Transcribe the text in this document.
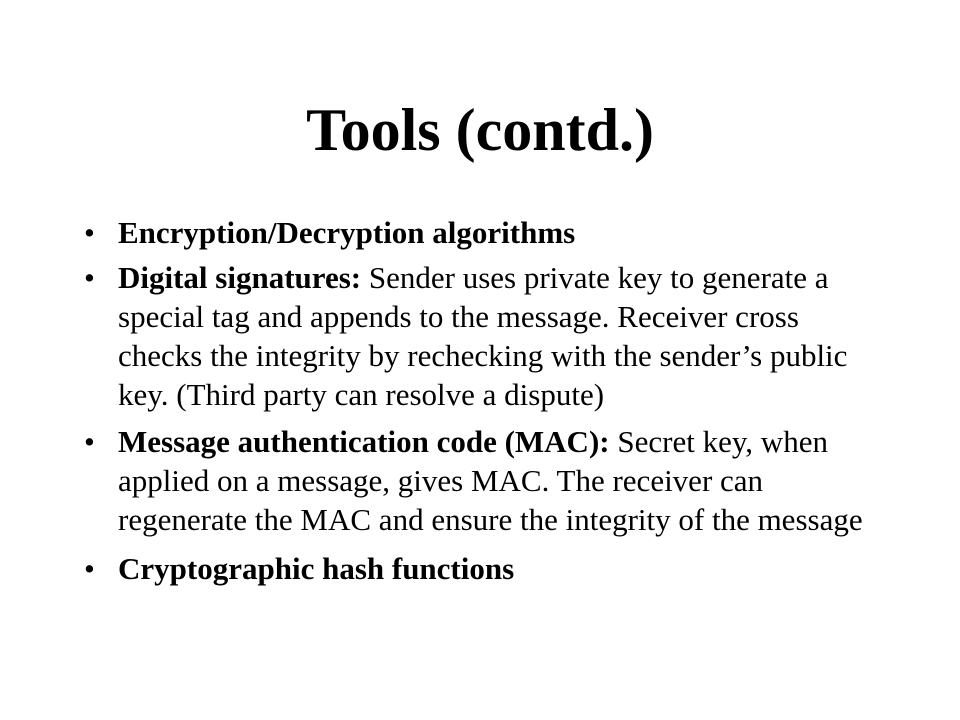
Tools (contd.)
• Encryption/Decryption algorithms
• Digital signatures: Sender uses private key to generate a special tag and appends to the message. Receiver cross checks the integrity by rechecking with the sender’s public key. (Third party can resolve a dispute)
• Message authentication code (MAC): Secret key, when applied on a message, gives MAC. The receiver can regenerate the MAC and ensure the integrity of the message
• Cryptographic hash functions
